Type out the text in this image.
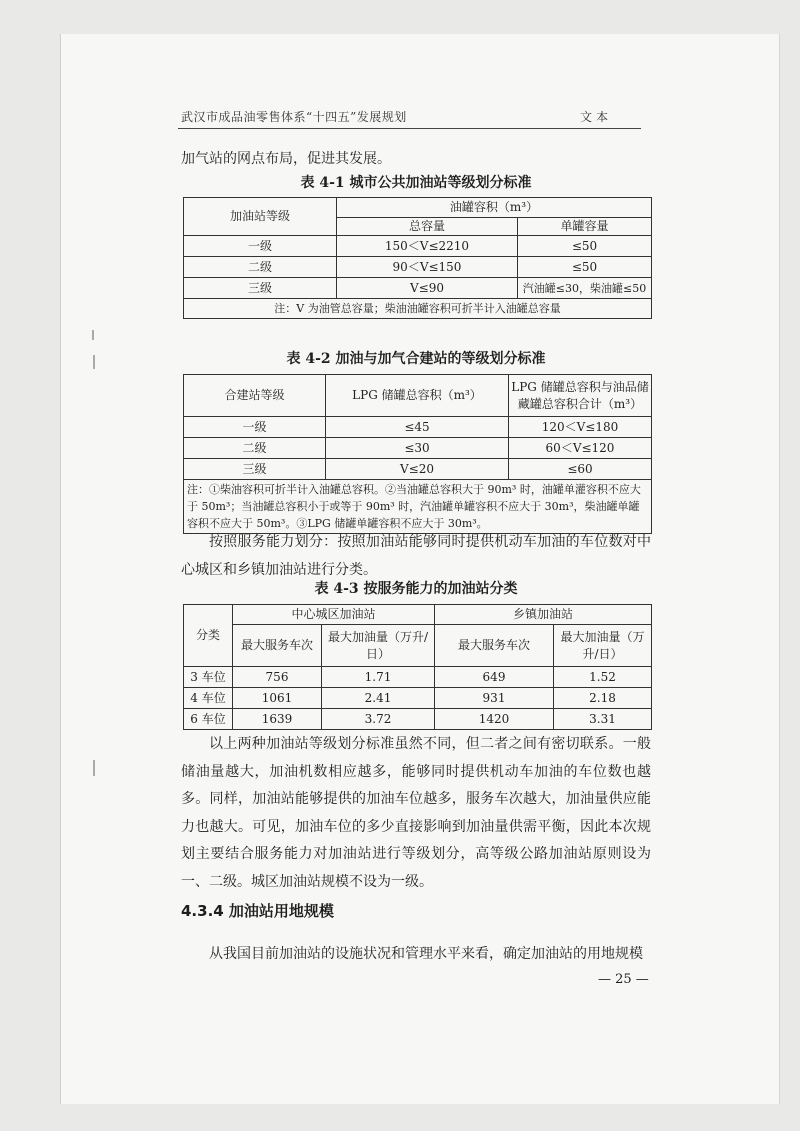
武汉市成品油零售体系“十四五”发展规划	文本
加气站的网点布局，促进其发展。
表 4-1 城市公共加油站等级划分标准
加油站等级	油罐容积（m³）	
	总容量	单罐容量
一级	150＜V≤2210	≤50
二级	90＜V≤150	≤50
三级	V≤90	汽油罐≤30，柴油罐≤50
注：V 为油管总容量；柴油油罐容积可折半计入油罐总容量		
表 4-2 加油与加气合建站的等级划分标准
合建站等级	LPG 储罐总容积（m³）	LPG 储罐总容积与油品储藏罐总容积合计（m³）
一级	≤45	120＜V≤180
二级	≤30	60＜V≤120
三级	V≤20	≤60
注：①柴油容积可折半计入油罐总容积。②当油罐总容积大于 90m³ 时，油罐单灌容积不应大于 50m³；当油罐总容积小于或等于 90m³ 时，汽油罐单罐容积不应大于 30m³，柴油罐单罐容积不应大于 50m³。③LPG 储罐单罐容积不应大于 30m³。		
按照服务能力划分：按照加油站能够同时提供机动车加油的车位数对中心城区和乡镇加油站进行分类。
表 4-3 按服务能力的加油站分类
分类	中心城区加油站		乡镇加油站	
	最大服务车次	最大加油量（万升/日）	最大服务车次	最大加油量（万升/日）
3 车位	756	1.71	649	1.52
4 车位	1061	2.41	931	2.18
6 车位	1639	3.72	1420	3.31
以上两种加油站等级划分标准虽然不同，但二者之间有密切联系。一般储油量越大，加油机数相应越多，能够同时提供机动车加油的车位数也越多。同样，加油站能够提供的加油车位越多，服务车次越大，加油量供应能力也越大。可见，加油车位的多少直接影响到加油量供需平衡，因此本次规划主要结合服务能力对加油站进行等级划分，高等级公路加油站原则设为一、二级。城区加油站规模不设为一级。
4.3.4 加油站用地规模
从我国目前加油站的设施状况和管理水平来看，确定加油站的用地规模
— 25 —
